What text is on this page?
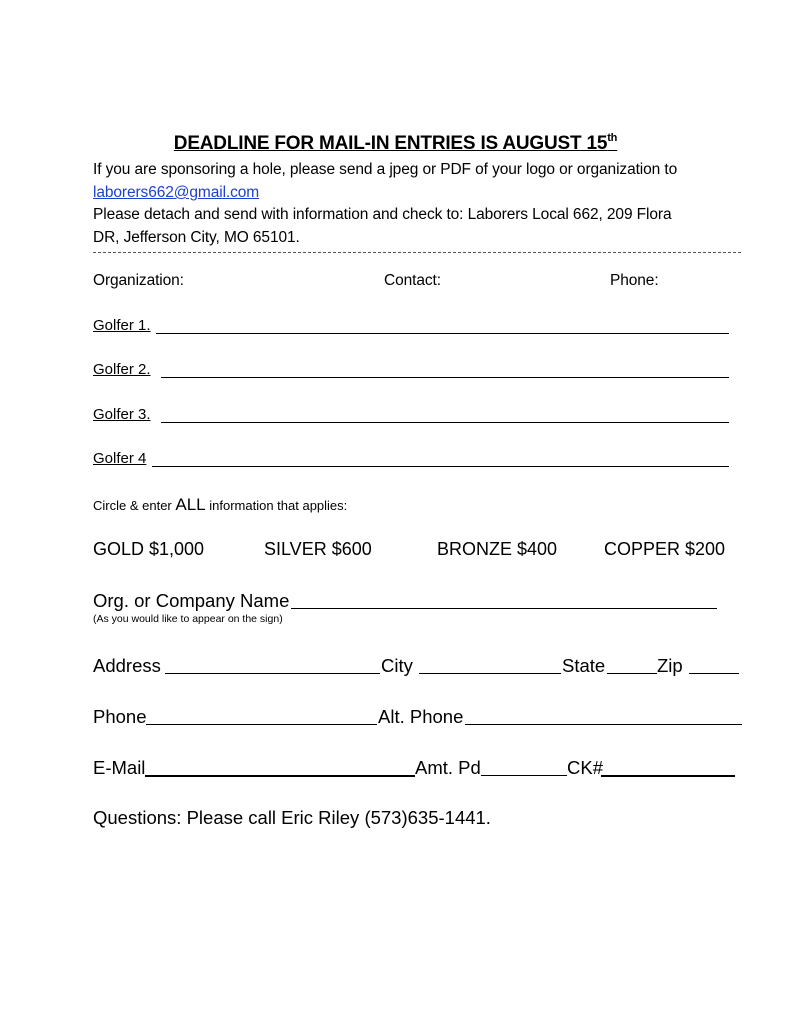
DEADLINE FOR MAIL-IN ENTRIES IS AUGUST 15th
If you are sponsoring a hole, please send a jpeg or PDF of your logo or organization to
laborers662@gmail.com
Please detach and send with information and check to: Laborers Local 662, 209 Flora
DR, Jefferson City, MO 65101.
Organization:	Contact:	Phone:
Golfer 1.
Golfer 2.
Golfer 3.
Golfer 4
Circle & enter ALL information that applies:
GOLD $1,000	SILVER $600	BRONZE $400	COPPER $200
Org. or Company Name
(As you would like to appear on the sign)
Address	City	State	Zip
Phone	Alt. Phone
E-Mail	Amt. Pd	CK#
Questions: Please call Eric Riley (573)635-1441.
